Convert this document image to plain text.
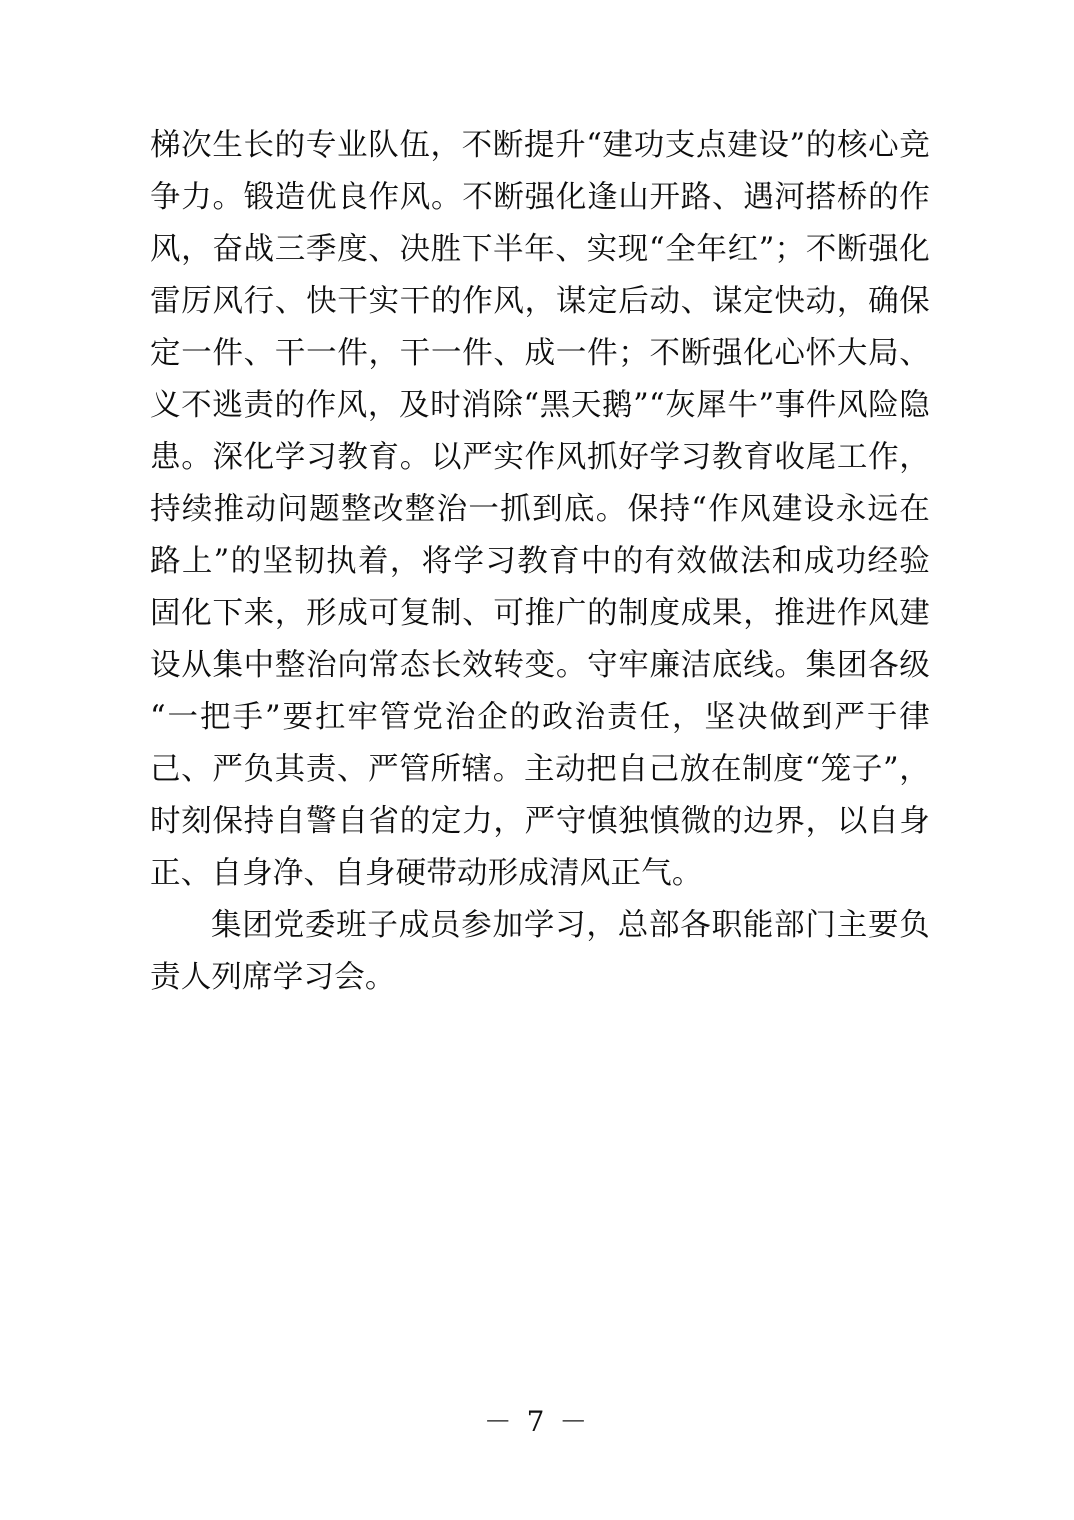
梯次生长的专业队伍，不断提升“建功支点建设”的核心竞争力。锻造优良作风。不断强化逢山开路、遇河搭桥的作风，奋战三季度、决胜下半年、实现“全年红”；不断强化雷厉风行、快干实干的作风，谋定后动、谋定快动，确保定一件、干一件，干一件、成一件；不断强化心怀大局、义不逃责的作风，及时消除“黑天鹅”“灰犀牛”事件风险隐患。深化学习教育。以严实作风抓好学习教育收尾工作，持续推动问题整改整治一抓到底。保持“作风建设永远在路上”的坚韧执着，将学习教育中的有效做法和成功经验固化下来，形成可复制、可推广的制度成果，推进作风建设从集中整治向常态长效转变。守牢廉洁底线。集团各级“一把手”要扛牢管党治企的政治责任，坚决做到严于律己、严负其责、严管所辖。主动把自己放在制度“笼子”，时刻保持自警自省的定力，严守慎独慎微的边界，以自身正、自身净、自身硬带动形成清风正气。

集团党委班子成员参加学习，总部各职能部门主要负责人列席学习会。

－ 7 －
